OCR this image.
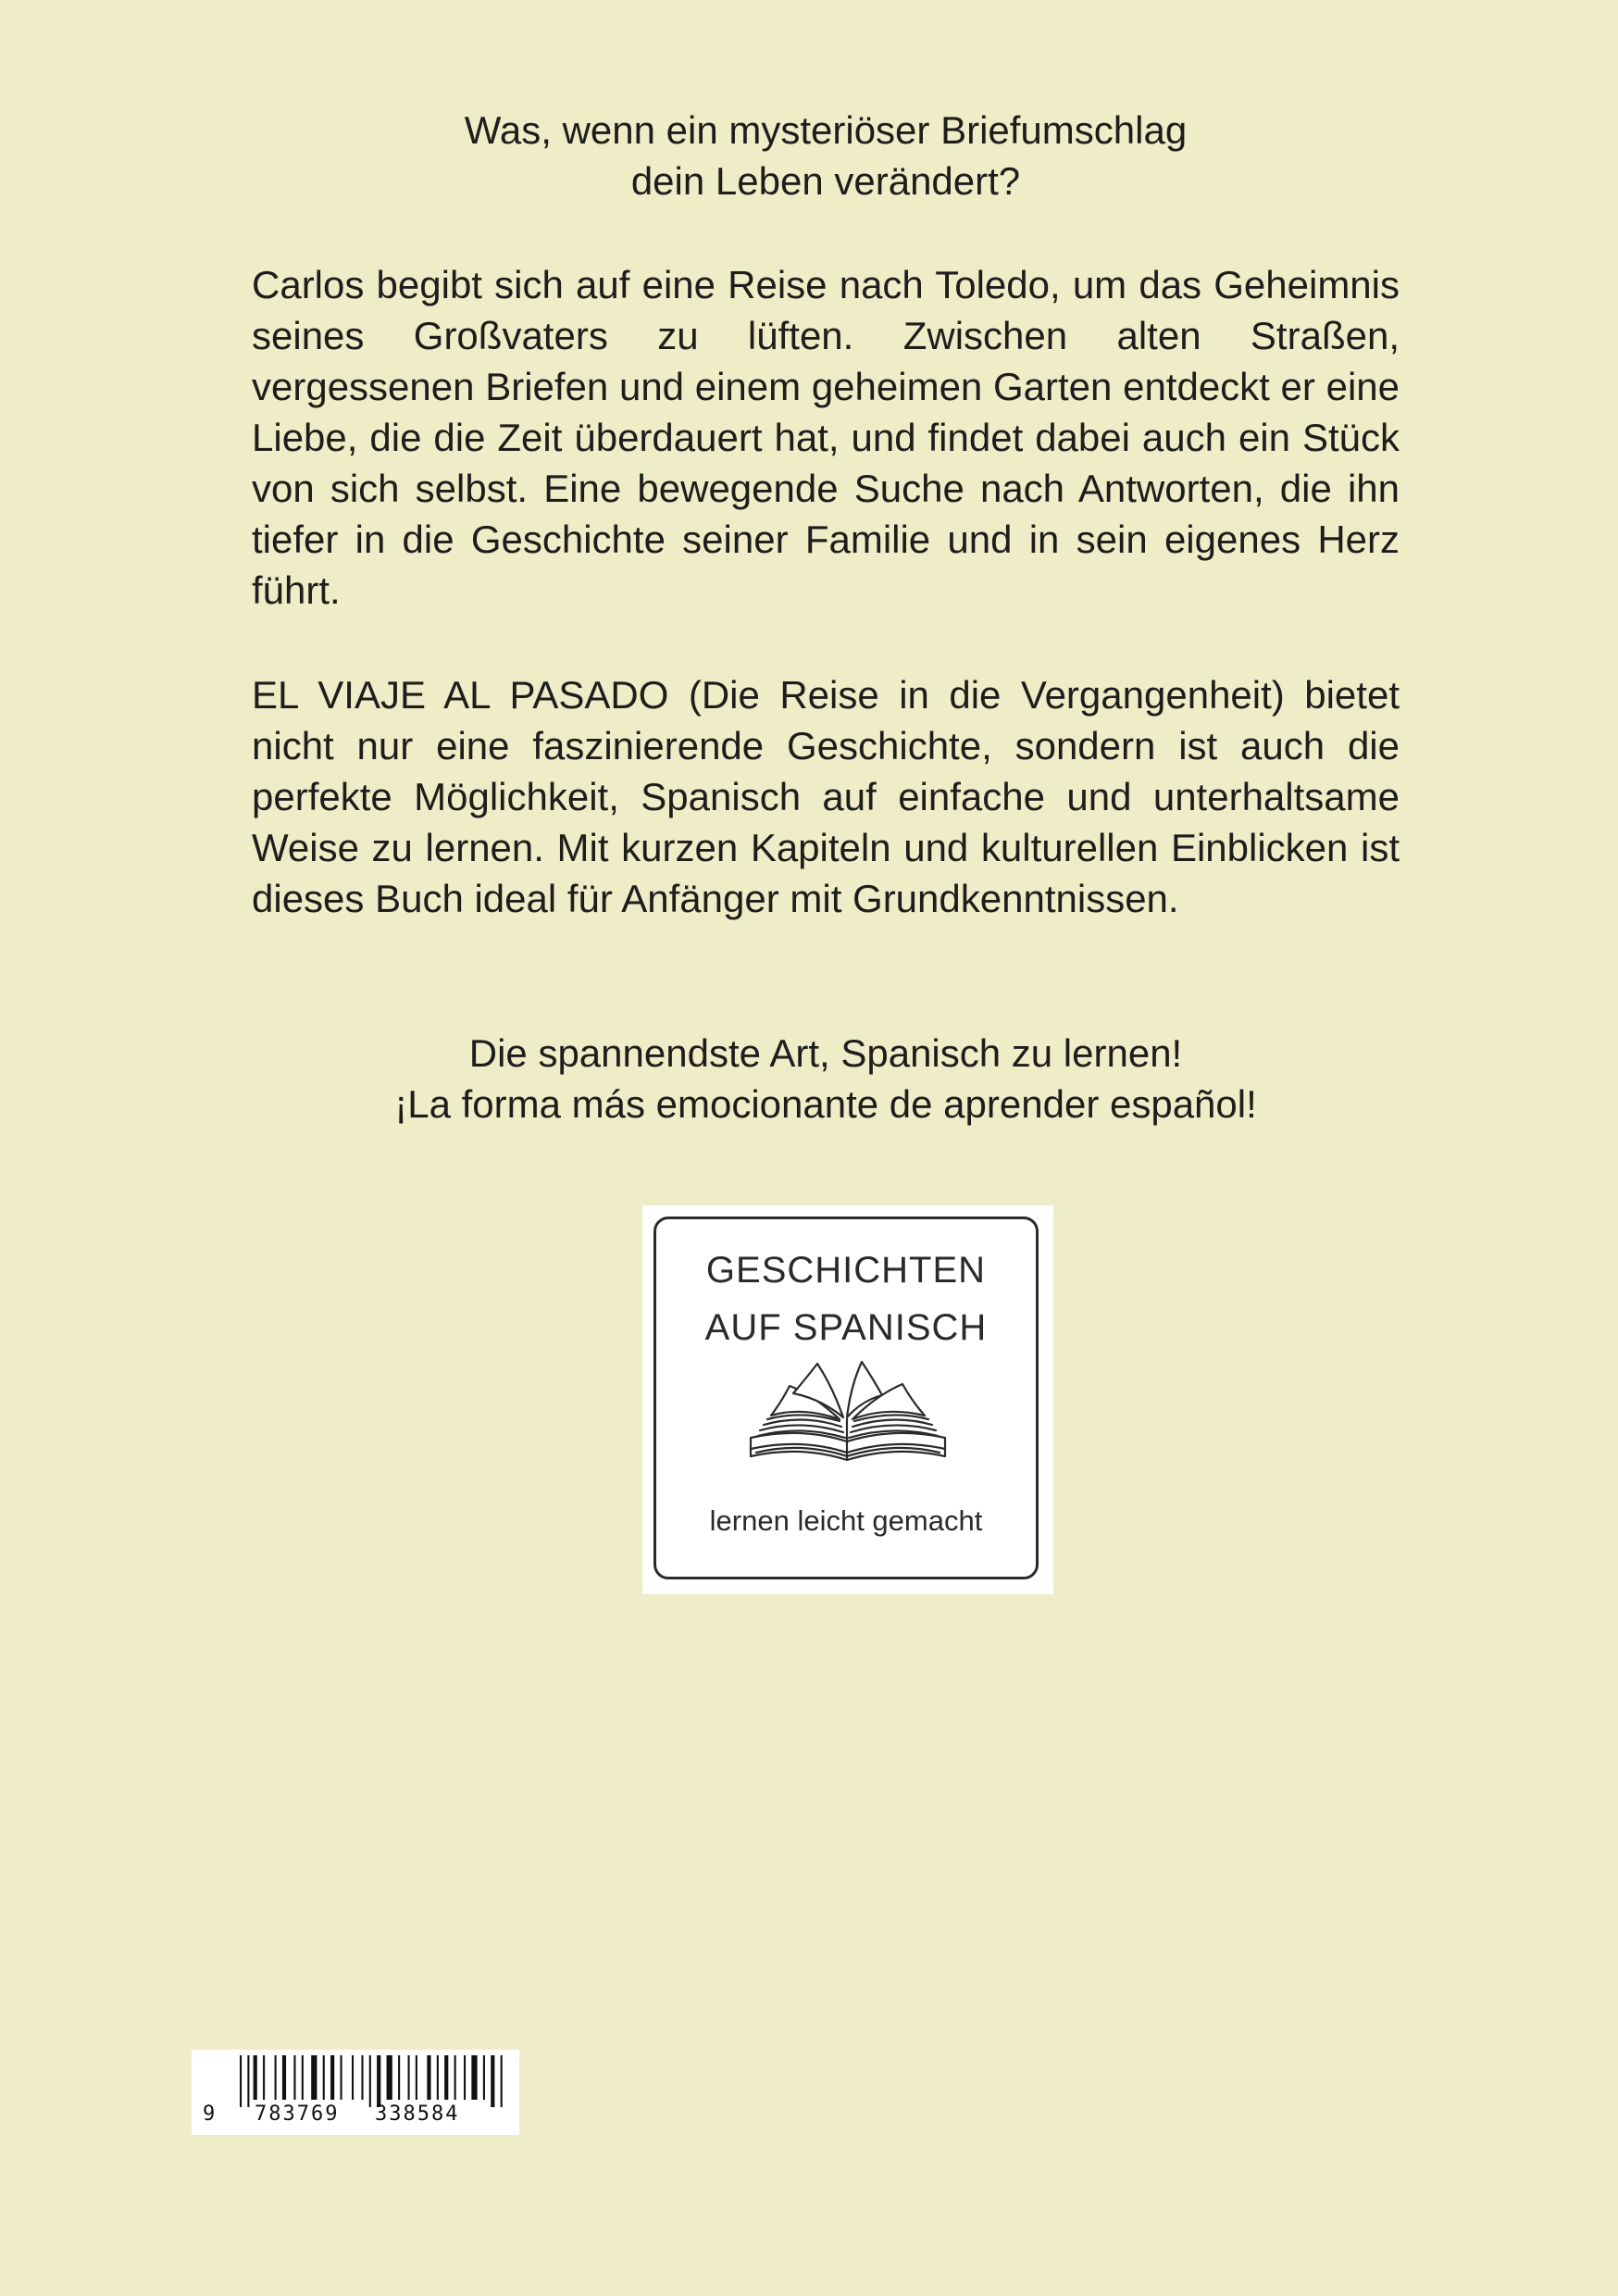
Was, wenn ein mysteriöser Briefumschlag
dein Leben verändert?

Carlos begibt sich auf eine Reise nach Toledo, um das Geheimnis seines Großvaters zu lüften. Zwischen alten Straßen, vergessenen Briefen und einem geheimen Garten entdeckt er eine Liebe, die die Zeit überdauert hat, und findet dabei auch ein Stück von sich selbst. Eine bewegende Suche nach Antworten, die ihn tiefer in die Geschichte seiner Familie und in sein eigenes Herz führt.

EL VIAJE AL PASADO (Die Reise in die Vergangenheit) bietet nicht nur eine faszinierende Geschichte, sondern ist auch die perfekte Möglichkeit, Spanisch auf einfache und unterhaltsame Weise zu lernen. Mit kurzen Kapiteln und kulturellen Einblicken ist dieses Buch ideal für Anfänger mit Grundkenntnissen.

Die spannendste Art, Spanisch zu lernen!
¡La forma más emocionante de aprender español!
GESCHICHTEN
AUF SPANISCH
lernen leicht gemacht

9

783769

338584
